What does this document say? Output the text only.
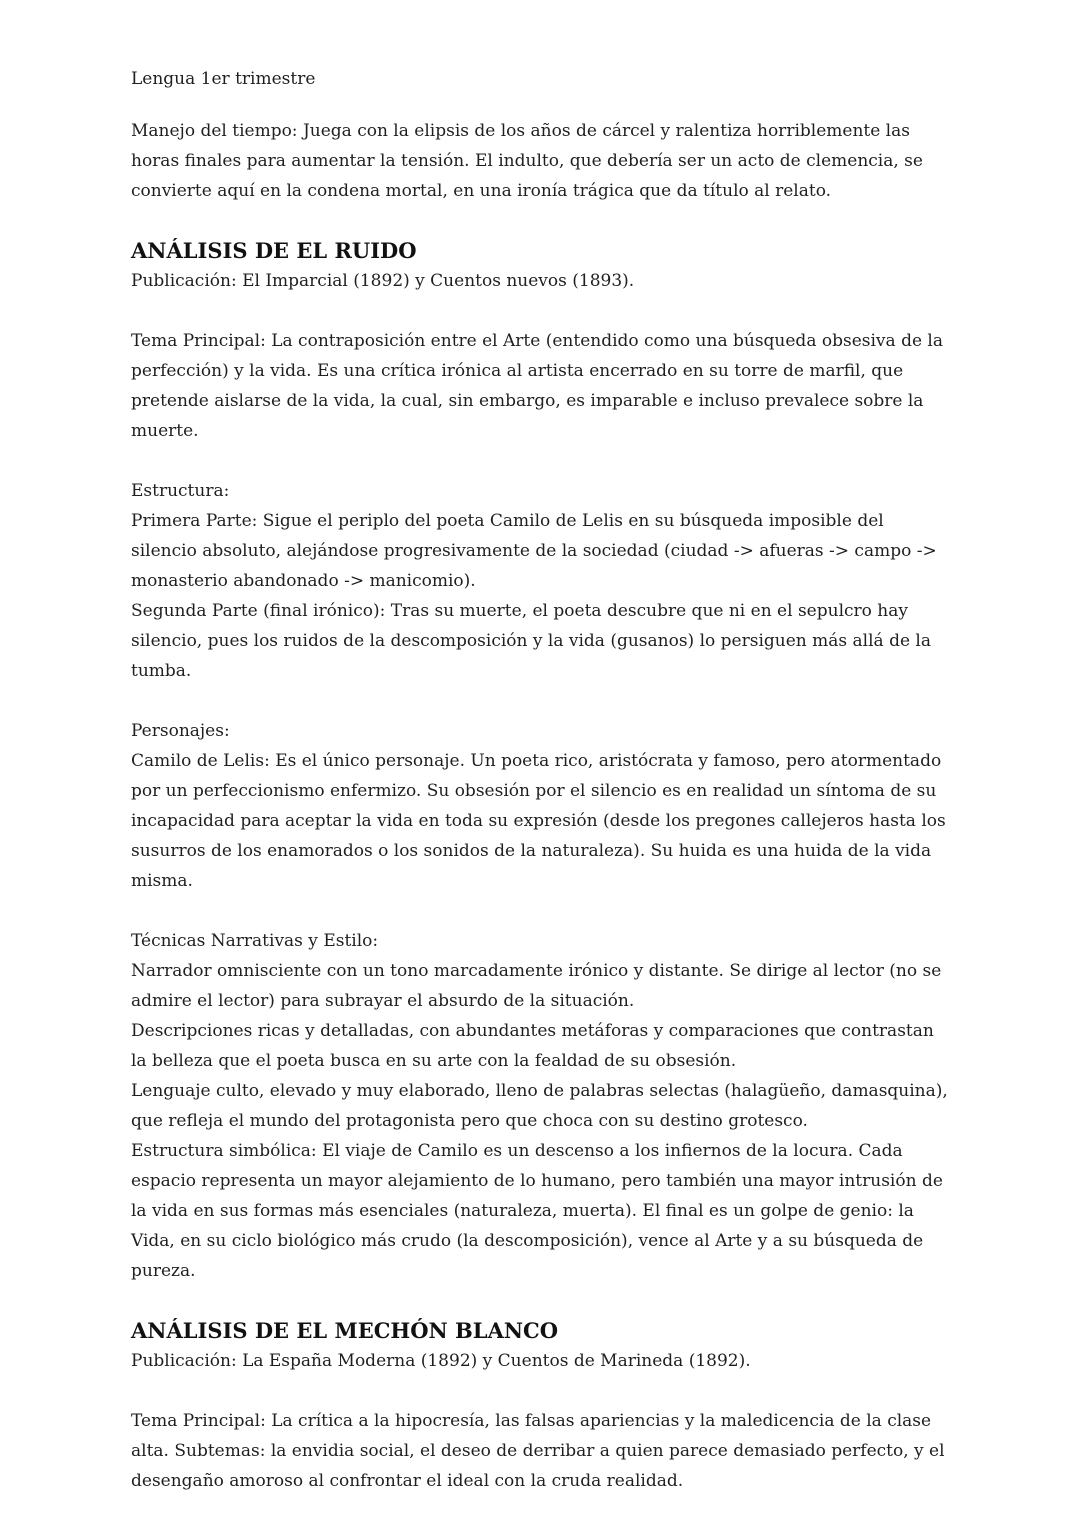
Lengua 1er trimestre

Manejo del tiempo: Juega con la elipsis de los años de cárcel y ralentiza horriblemente las horas finales para aumentar la tensión. El indulto, que debería ser un acto de clemencia, se convierte aquí en la condena mortal, en una ironía trágica que da título al relato.

ANÁLISIS DE EL RUIDO

Publicación: El Imparcial (1892) y Cuentos nuevos (1893).

Tema Principal: La contraposición entre el Arte (entendido como una búsqueda obsesiva de la perfección) y la vida. Es una crítica irónica al artista encerrado en su torre de marfil, que pretende aislarse de la vida, la cual, sin embargo, es imparable e incluso prevalece sobre la muerte.

Estructura:

Primera Parte: Sigue el periplo del poeta Camilo de Lelis en su búsqueda imposible del silencio absoluto, alejándose progresivamente de la sociedad (ciudad -> afueras -> campo -> monasterio abandonado -> manicomio).

Segunda Parte (final irónico): Tras su muerte, el poeta descubre que ni en el sepulcro hay silencio, pues los ruidos de la descomposición y la vida (gusanos) lo persiguen más allá de la tumba.

Personajes:

Camilo de Lelis: Es el único personaje. Un poeta rico, aristócrata y famoso, pero atormentado por un perfeccionismo enfermizo. Su obsesión por el silencio es en realidad un síntoma de su incapacidad para aceptar la vida en toda su expresión (desde los pregones callejeros hasta los susurros de los enamorados o los sonidos de la naturaleza). Su huida es una huida de la vida misma.

Técnicas Narrativas y Estilo:

Narrador omnisciente con un tono marcadamente irónico y distante. Se dirige al lector (no se admire el lector) para subrayar el absurdo de la situación.

Descripciones ricas y detalladas, con abundantes metáforas y comparaciones que contrastan la belleza que el poeta busca en su arte con la fealdad de su obsesión.

Lenguaje culto, elevado y muy elaborado, lleno de palabras selectas (halagüeño, damasquina), que refleja el mundo del protagonista pero que choca con su destino grotesco.

Estructura simbólica: El viaje de Camilo es un descenso a los infiernos de la locura. Cada espacio representa un mayor alejamiento de lo humano, pero también una mayor intrusión de la vida en sus formas más esenciales (naturaleza, muerta). El final es un golpe de genio: la Vida, en su ciclo biológico más crudo (la descomposición), vence al Arte y a su búsqueda de pureza.

ANÁLISIS DE EL MECHÓN BLANCO

Publicación: La España Moderna (1892) y Cuentos de Marineda (1892).

Tema Principal: La crítica a la hipocresía, las falsas apariencias y la maledicencia de la clase alta. Subtemas: la envidia social, el deseo de derribar a quien parece demasiado perfecto, y el desengaño amoroso al confrontar el ideal con la cruda realidad.
